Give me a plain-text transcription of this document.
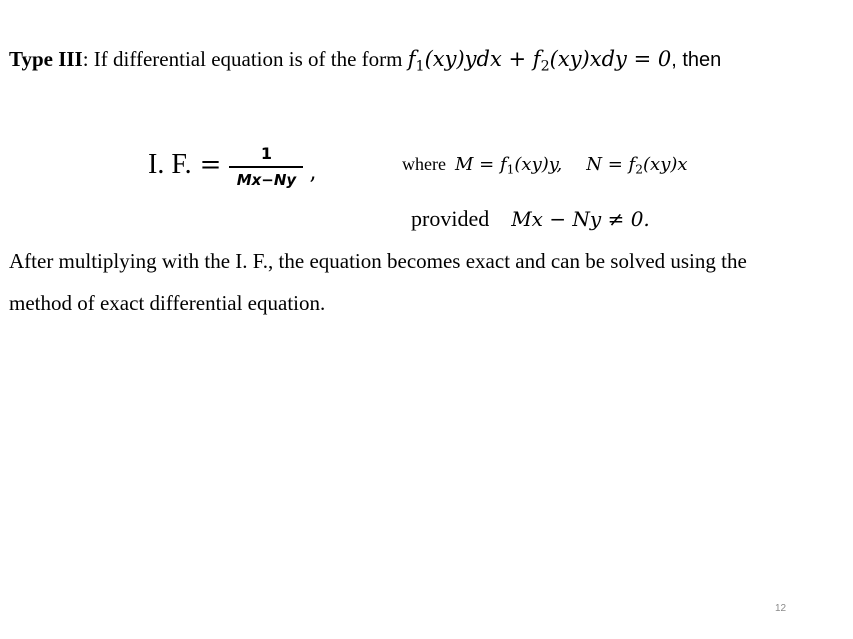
Type III: If differential equation is of the form $f_1(xy)ydx + f_2(xy)xdy = 0$, then
I. F. = $\frac{1}{Mx-Ny}$ ,	where $M = f_1(xy)y$, $N = f_2(xy)x$
provided Mx − Ny ≠ 0.
After multiplying with the I. F., the equation becomes exact and can be solved using the
method of exact differential equation.
12
